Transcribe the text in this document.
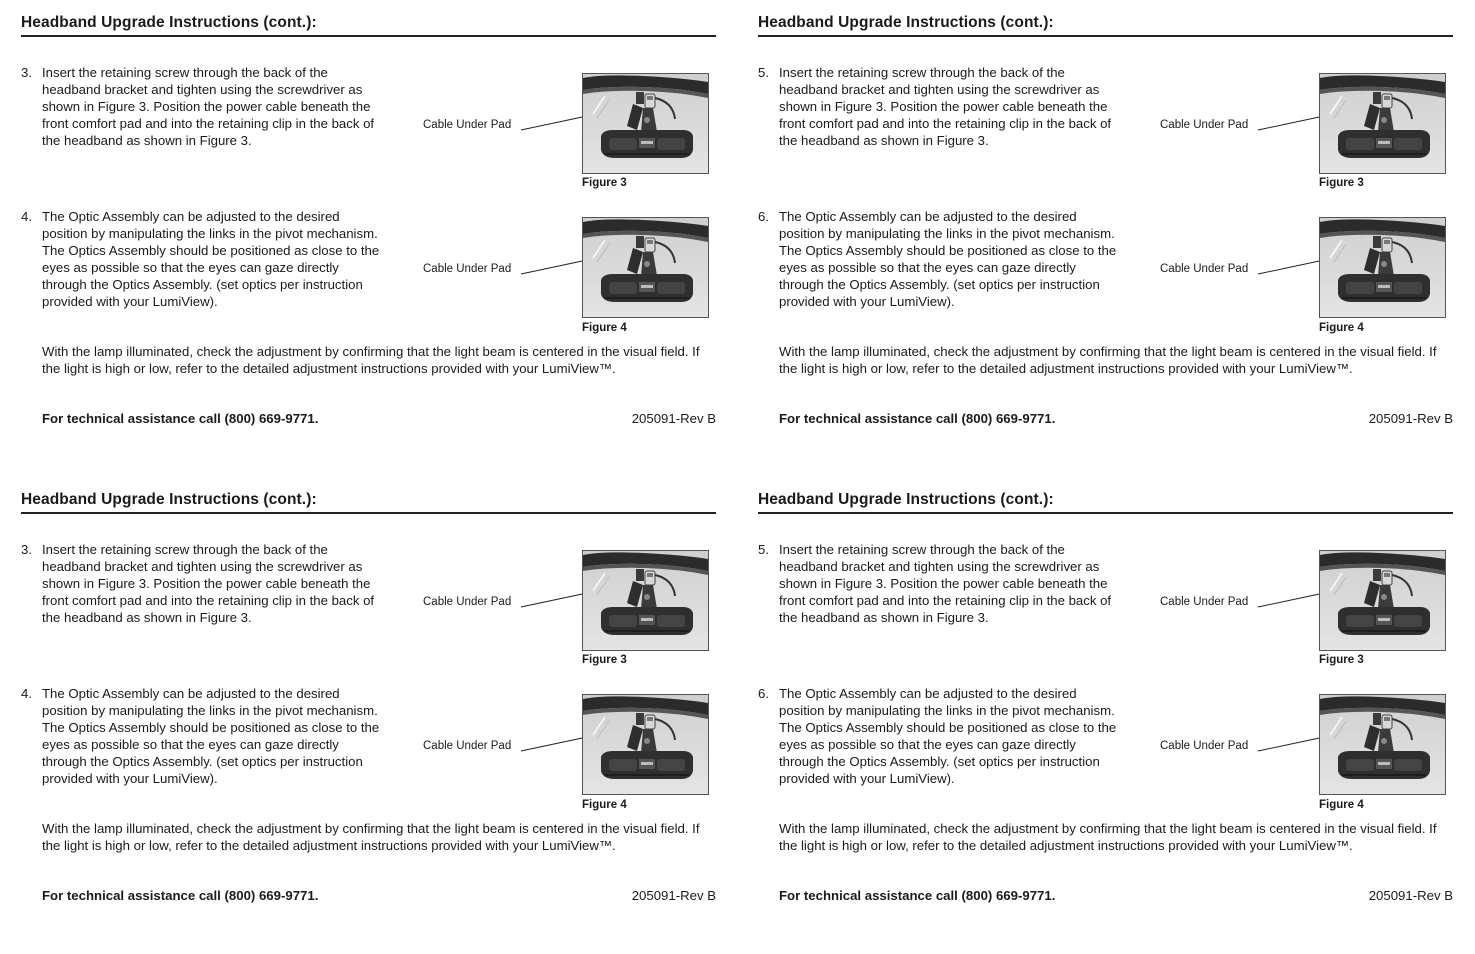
Headband Upgrade Instructions (cont.):
3. Insert the retaining screw through the back of the headband bracket and tighten using the screwdriver as shown in Figure 3. Position the power cable beneath the front comfort pad and into the retaining clip in the back of the headband as shown in Figure 3.
Cable Under Pad
Figure 3
4. The Optic Assembly can be adjusted to the desired position by manipulating the links in the pivot mechanism. The Optics Assembly should be positioned as close to the eyes as possible so that the eyes can gaze directly through the Optics Assembly. (set optics per instruction provided with your LumiView).
Cable Under Pad
Figure 4
With the lamp illuminated, check the adjustment by confirming that the light beam is centered in the visual field. If the light is high or low, refer to the detailed adjustment instructions provided with your LumiView™.
For technical assistance call (800) 669-9771.	205091-Rev B
Headband Upgrade Instructions (cont.):
5. Insert the retaining screw through the back of the headband bracket and tighten using the screwdriver as shown in Figure 3. Position the power cable beneath the front comfort pad and into the retaining clip in the back of the headband as shown in Figure 3.
Cable Under Pad
Figure 3
6. The Optic Assembly can be adjusted to the desired position by manipulating the links in the pivot mechanism. The Optics Assembly should be positioned as close to the eyes as possible so that the eyes can gaze directly through the Optics Assembly. (set optics per instruction provided with your LumiView).
Cable Under Pad
Figure 4
With the lamp illuminated, check the adjustment by confirming that the light beam is centered in the visual field. If the light is high or low, refer to the detailed adjustment instructions provided with your LumiView™.
For technical assistance call (800) 669-9771.	205091-Rev B
Headband Upgrade Instructions (cont.):
3. Insert the retaining screw through the back of the headband bracket and tighten using the screwdriver as shown in Figure 3. Position the power cable beneath the front comfort pad and into the retaining clip in the back of the headband as shown in Figure 3.
Cable Under Pad
Figure 3
4. The Optic Assembly can be adjusted to the desired position by manipulating the links in the pivot mechanism. The Optics Assembly should be positioned as close to the eyes as possible so that the eyes can gaze directly through the Optics Assembly. (set optics per instruction provided with your LumiView).
Cable Under Pad
Figure 4
With the lamp illuminated, check the adjustment by confirming that the light beam is centered in the visual field. If the light is high or low, refer to the detailed adjustment instructions provided with your LumiView™.
For technical assistance call (800) 669-9771.	205091-Rev B
Headband Upgrade Instructions (cont.):
5. Insert the retaining screw through the back of the headband bracket and tighten using the screwdriver as shown in Figure 3. Position the power cable beneath the front comfort pad and into the retaining clip in the back of the headband as shown in Figure 3.
Cable Under Pad
Figure 3
6. The Optic Assembly can be adjusted to the desired position by manipulating the links in the pivot mechanism. The Optics Assembly should be positioned as close to the eyes as possible so that the eyes can gaze directly through the Optics Assembly. (set optics per instruction provided with your LumiView).
Cable Under Pad
Figure 4
With the lamp illuminated, check the adjustment by confirming that the light beam is centered in the visual field. If the light is high or low, refer to the detailed adjustment instructions provided with your LumiView™.
For technical assistance call (800) 669-9771.	205091-Rev B
